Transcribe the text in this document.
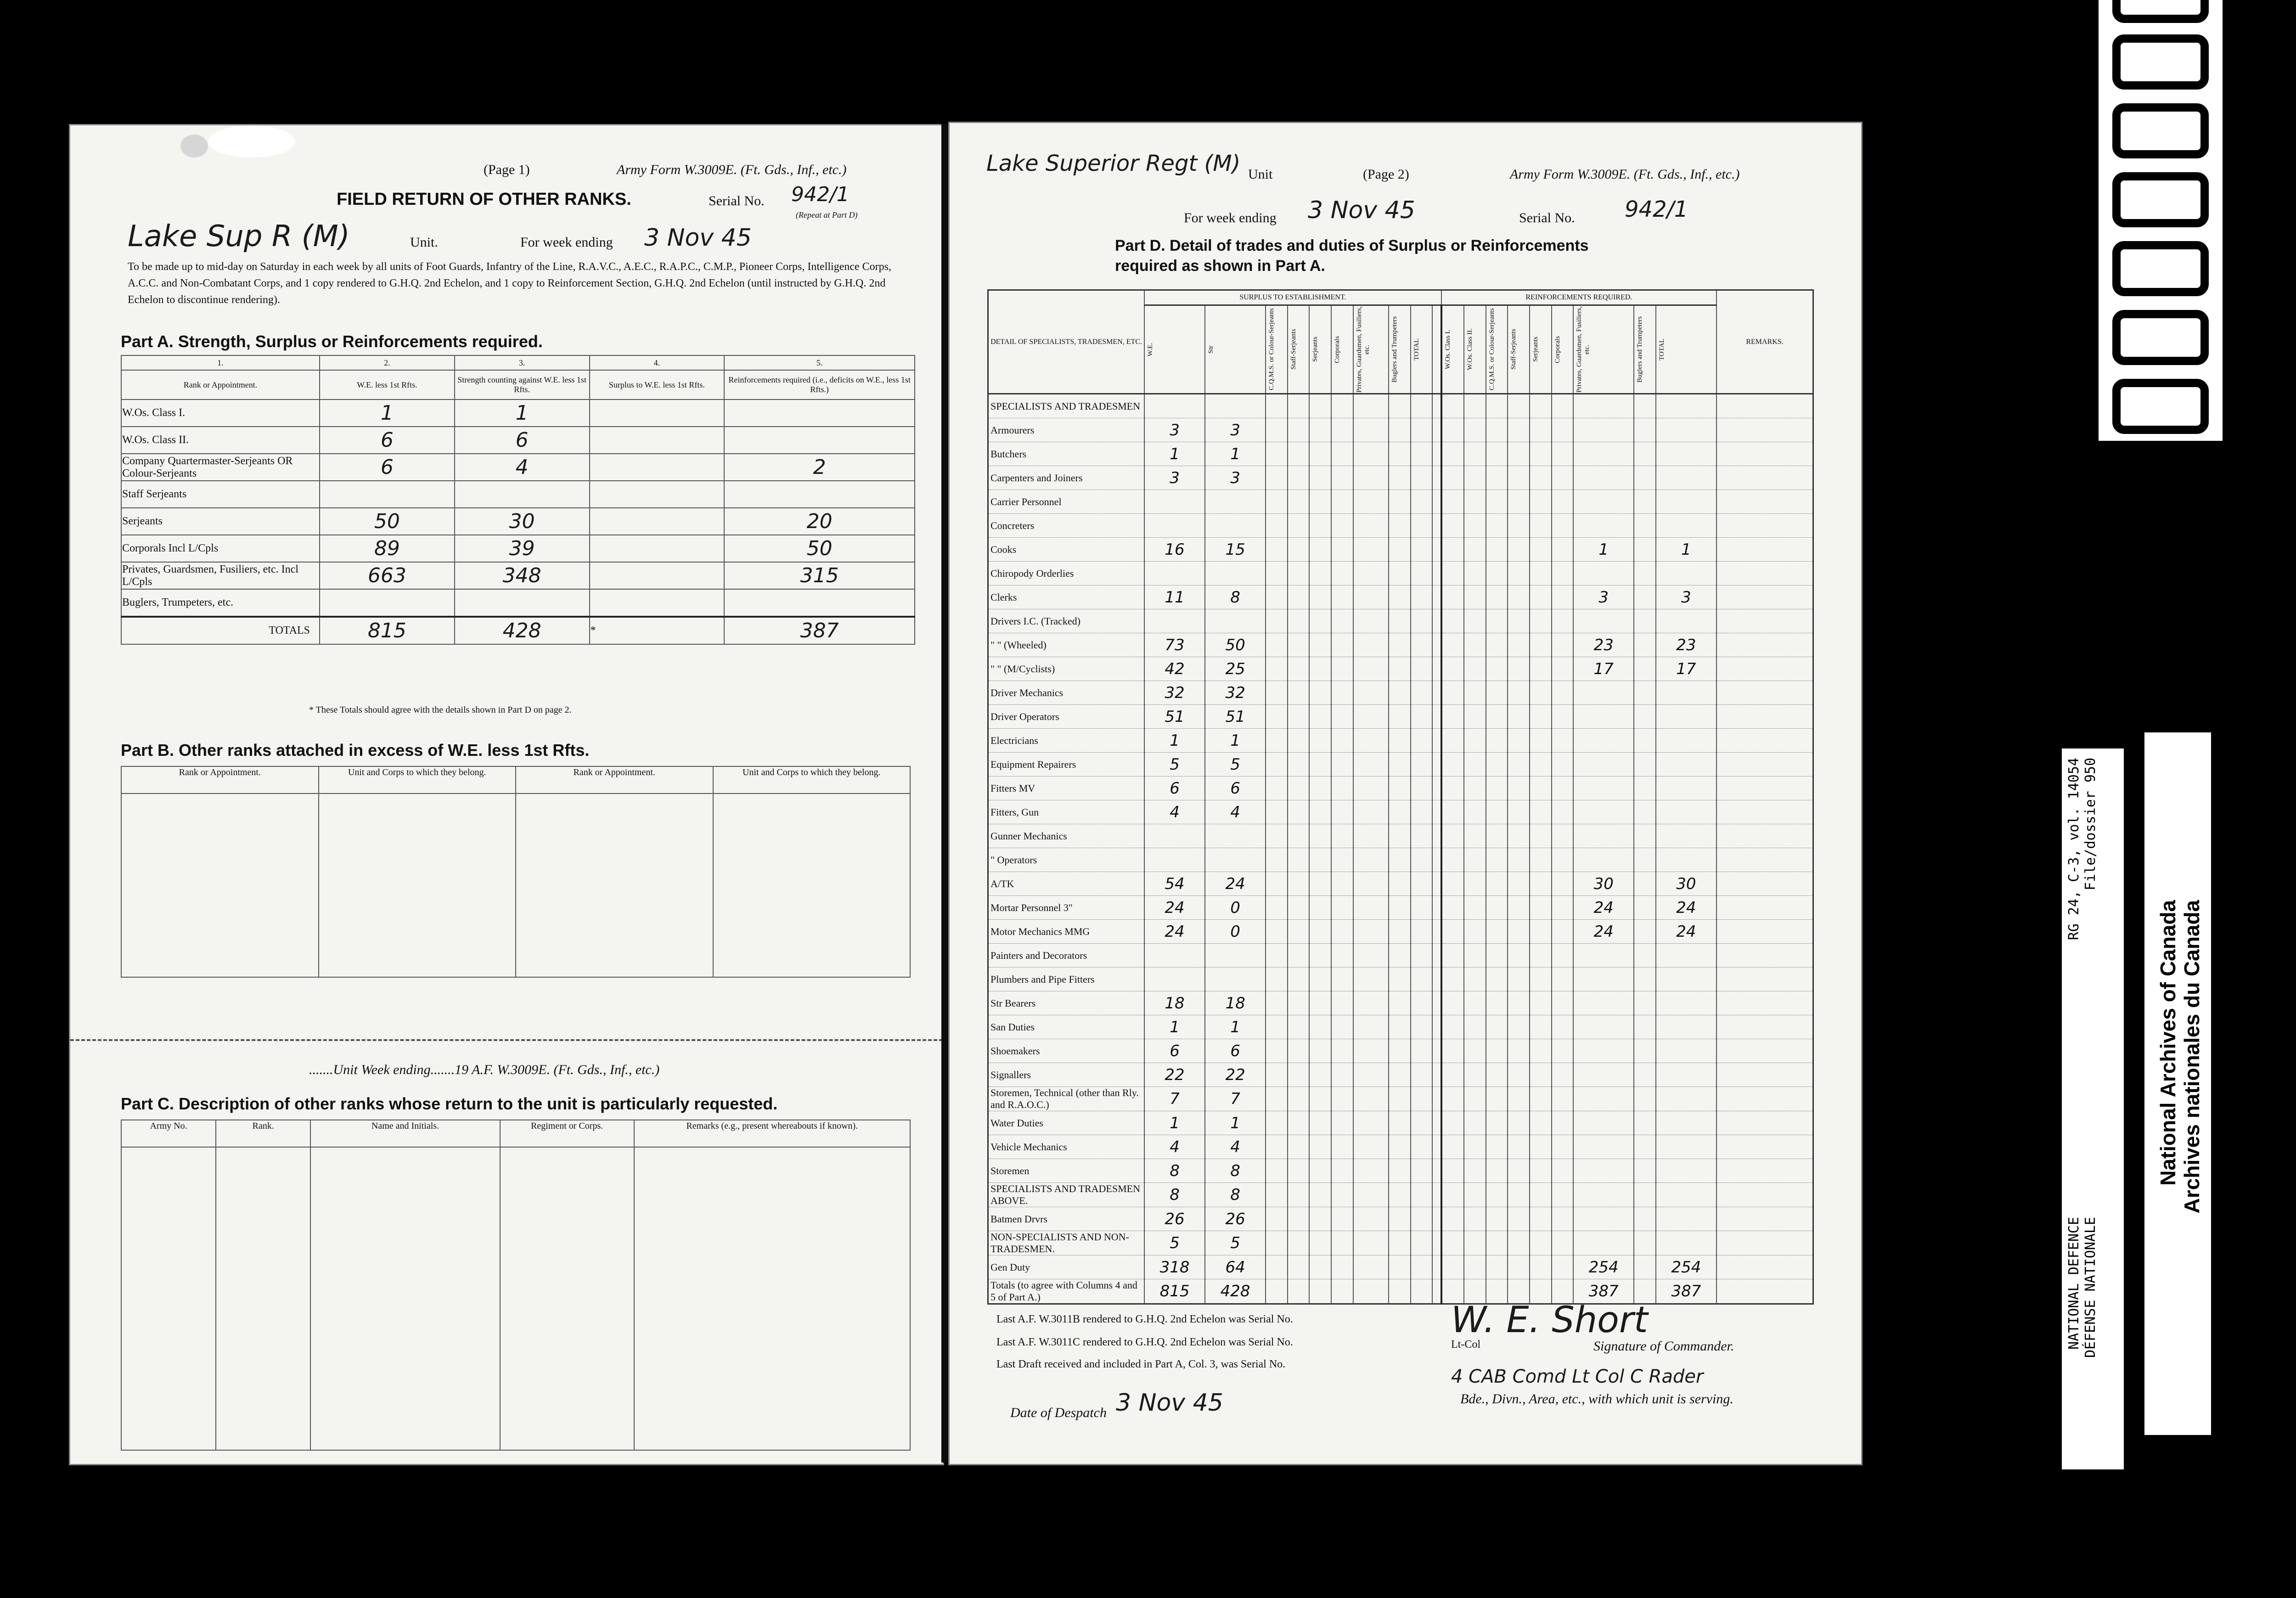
(Page 1)	Army Form W.3009E. (Ft. Gds., Inf., etc.)
FIELD RETURN OF OTHER RANKS.	Serial No. 942/1
(Repeat at Part D)
Lake Sup R (M)	Unit.	For week ending 3 Nov 45
To be made up to mid-day on Saturday in each week by all units of Foot Guards, Infantry of the Line, R.A.V.C., A.E.C., R.A.P.C., C.M.P., Pioneer Corps, Intelligence Corps, A.C.C. and Non-Combatant Corps, and 1 copy rendered to G.H.Q. 2nd Echelon, and 1 copy to Reinforcement Section, G.H.Q. 2nd Echelon (until instructed by G.H.Q. 2nd Echelon to discontinue rendering).
Part A. Strength, Surplus or Reinforcements required.
1.	2.	3.	4.	5.
Rank or Appointment.	W.E. less 1st Rfts.	Strength counting against W.E. less 1st Rfts.	Surplus to W.E. less 1st Rfts.	Reinforcements required (i.e., deficits on W.E., less 1st Rfts.)
W.Os. Class I.	1	1		
W.Os. Class II.	6	6		
Company Quartermaster-Serjeants OR Colour-Serjeants	6	4		2
Staff Serjeants				
Serjeants	50	30		20
Corporals Incl L/Cpls	89	39		50
Privates, Guardsmen, Fusiliers, etc. Incl L/Cpls	663	348		315
Buglers, Trumpeters, etc.				
TOTALS	815	428	*	387
* These Totals should agree with the details shown in Part D on page 2.
Part B. Other ranks attached in excess of W.E. less 1st Rfts.
Rank or Appointment.	Unit and Corps to which they belong.	Rank or Appointment.	Unit and Corps to which they belong.

.......Unit Week ending.......19 A.F. W.3009E. (Ft. Gds., Inf., etc.)
Part C. Description of other ranks whose return to the unit is particularly requested.
Army No.	Rank.	Name and Initials.	Regiment or Corps.	Remarks (e.g., present whereabouts if known).

Lake Superior Regt (M) Unit	(Page 2)	Army Form W.3009E. (Ft. Gds., Inf., etc.)
For week ending 3 Nov 45	Serial No. 942/1
Part D. Detail of trades and duties of Surplus or Reinforcements required as shown in Part A.
DETAIL OF SPECIALISTS, TRADESMEN, ETC.	SURPLUS TO ESTABLISHMENT.										REINFORCEMENTS REQUIRED.									REMARKS.

	W.E.	Str	C.Q.M.S. or Colour-Serjeants	Staff-Serjeants	Serjeants	Corporals	Privates, Guardsmen, Fusiliers, etc.	Buglers and Trumpeters	TOTAL		W.Os. Class I.	W.Os. Class II.	C.Q.M.S. or Colour-Serjeants	Staff-Serjeants	Serjeants	Corporals	Privates, Guardsmen, Fusiliers, etc.	Buglers and Trumpeters	TOTAL	

SPECIALISTS AND TRADESMEN																				
Armourers	3	3																		
Butchers	1	1																		
Carpenters and Joiners	3	3																		
Carrier Personnel																				
Concreters																				
Cooks	16	15															1		1	
Chiropody Orderlies																				
Clerks	11	8															3		3	
Drivers I.C. (Tracked)																				
" " (Wheeled)	73	50															23		23	
" " (M/Cyclists)	42	25															17		17	
Driver Mechanics	32	32																		
Driver Operators	51	51																		
Electricians	1	1																		
Equipment Repairers	5	5																		
Fitters MV	6	6																		
Fitters, Gun	4	4																		
Gunner Mechanics																				
" Operators																				
A/TK	54	24															30		30	
Mortar Personnel 3"	24	0															24		24	
Motor Mechanics MMG	24	0															24		24	
Painters and Decorators																				
Plumbers and Pipe Fitters																				
Str Bearers	18	18																		
San Duties	1	1																		
Shoemakers	6	6																		
Signallers	22	22																		
Storemen, Technical (other than Rly. and R.A.O.C.)	7	7																		
Water Duties	1	1																		
Vehicle Mechanics	4	4																		
Storemen	8	8																		
SPECIALISTS AND TRADESMEN ABOVE.	8	8																		
Batmen Drvrs	26	26																		
NON-SPECIALISTS AND NON-TRADESMEN.	5	5																		
Gen Duty	318	64															254		254	
Totals (to agree with Columns 4 and 5 of Part A.)	815	428															387		387	
Last A.F. W.3011B rendered to G.H.Q. 2nd Echelon was Serial No.
Last A.F. W.3011C rendered to G.H.Q. 2nd Echelon was Serial No.
Last Draft received and included in Part A, Col. 3, was Serial No.
W. E. Short
Lt-Col	Signature of Commander.
4 CAB Comd Lt Col C Rader
Bde., Divn., Area, etc., with which unit is serving.
Date of Despatch 3 Nov 45
NATIONAL DEFENCE DÉFENSE NATIONALE
RG 24, C-3, vol. 14054 File/dossier 950
National Archives of Canada Archives nationales du Canada
